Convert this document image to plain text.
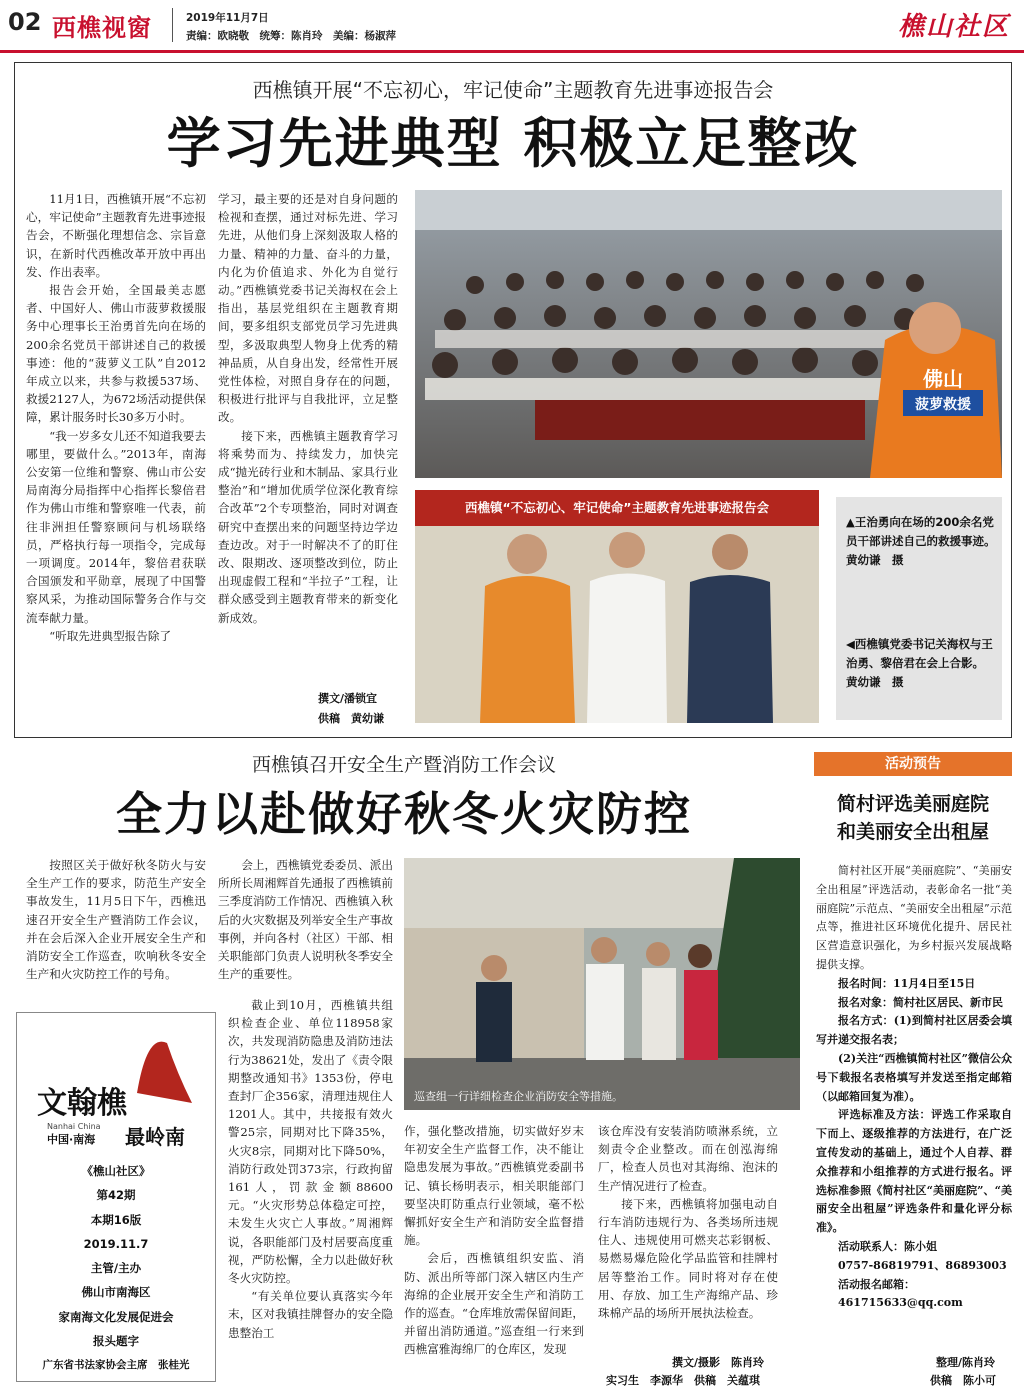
02 西樵视窗	2019年11月7日
责编：欧晓敬　统筹：陈肖玲　美编：杨淑萍	樵山社区
西樵镇开展“不忘初心，牢记使命”主题教育先进事迹报告会
学习先进典型 积极立足整改

11月1日，西樵镇开展“不忘初心，牢记使命”主题教育先进事迹报告会，不断强化理想信念、宗旨意识，在新时代西樵改革开放中再出发、作出表率。

报告会开始，全国最美志愿者、中国好人、佛山市菠萝救援服务中心理事长王治勇首先向在场的200余名党员干部讲述自己的救援事迹：他的“菠萝义工队”自2012年成立以来，共参与救援537场、救援2127人，为672场活动提供保障，累计服务时长30多万小时。

“我一岁多女儿还不知道我要去哪里，要做什么。”2013年，南海公安第一位维和警察、佛山市公安局南海分局指挥中心指挥长黎倍君作为佛山市维和警察唯一代表，前往非洲担任警察顾问与机场联络员，严格执行每一项指令，完成每一项调度。2014年，黎倍君获联合国颁发和平勋章，展现了中国警察风采，为推动国际警务合作与交流奉献力量。

“听取先进典型报告除了

学习，最主要的还是对自身问题的检视和查摆，通过对标先进、学习先进，从他们身上深刻汲取人格的力量、精神的力量、奋斗的力量，内化为价值追求、外化为自觉行动。”西樵镇党委书记关海权在会上指出，基层党组织在主题教育期间，要多组织支部党员学习先进典型，多汲取典型人物身上优秀的精神品质，从自身出发，经常性开展党性体检，对照自身存在的问题，积极进行批评与自我批评，立足整改。

接下来，西樵镇主题教育学习将乘势而为、持续发力，加快完成“抛光砖行业和木制品、家具行业整治”和“增加优质学位深化教育综合改革”2个专项整治，同时对调查研究中查摆出来的问题坚持边学边查边改。对于一时解决不了的盯住改、限期改、逐项整改到位，防止出现虚假工程和“半拉子”工程，让群众感受到主题教育带来的新变化新成效。

撰文/潘锁宜
供稿　黄幼谦
佛山
菠萝救援
西樵镇“不忘初心、牢记使命”主题教育先进事迹报告会
▲王治勇向在场的200余名党员干部讲述自己的救援事迹。　黄幼谦　摄
◀西樵镇党委书记关海权与王治勇、黎倍君在会上合影。　黄幼谦　摄
西樵镇召开安全生产暨消防工作会议
全力以赴做好秋冬火灾防控

按照区关于做好秋冬防火与安全生产工作的要求，防范生产安全事故发生，11月5日下午，西樵迅速召开安全生产暨消防工作会议，并在会后深入企业开展安全生产和消防安全工作巡查，吹响秋冬安全生产和火灾防控工作的号角。

会上，西樵镇党委委员、派出所所长周湘辉首先通报了西樵镇前三季度消防工作情况、西樵镇入秋后的火灾数据及列举安全生产事故事例，并向各村（社区）干部、相关职能部门负责人说明秋冬季安全生产的重要性。

文翰樵
Nanhai China
中国·南海 最岭南
《樵山社区》
第42期
本期16版
2019.11.7
主管/主办
佛山市南海区
家南海文化发展促进会
报头题字
广东省书法家协会主席　张桂光

截止到10月，西樵镇共组织检查企业、单位118958家次，共发现消防隐患及消防违法行为38621处，发出了《责令限期整改通知书》1353份，停电查封厂企356家，清理违规住人1201人。其中，共接报有效火警25宗，同期对比下降35%，火灾8宗，同期对比下降50%，消防行政处罚373宗，行政拘留161人，罚款金额88600元。“火灾形势总体稳定可控，未发生火灾亡人事故。”周湘辉说，各职能部门及村居要高度重视，严防松懈，全力以赴做好秋冬火灾防控。

“有关单位要认真落实今年末，区对我镇挂牌督办的安全隐患整治工

巡查组一行详细检查企业消防安全等措施。

作，强化整改措施，切实做好岁末年初安全生产监督工作，决不能让隐患发展为事故。”西樵镇党委副书记、镇长杨明表示，相关职能部门要坚决盯防重点行业领域，毫不松懈抓好安全生产和消防安全监督措施。

会后，西樵镇组织安监、消防、派出所等部门深入辖区内生产海绵的企业展开安全生产和消防工作的巡查。“仓库堆放需保留间距，并留出消防通道。”巡查组一行来到西樵富雅海绵厂的仓库区，发现

该仓库没有安装消防喷淋系统，立刻责令企业整改。而在创泓海绵厂，检查人员也对其海绵、泡沫的生产情况进行了检查。

接下来，西樵镇将加强电动自行车消防违规行为、各类场所违规住人、违规使用可燃夹芯彩钢板、易燃易爆危险化学品监管和挂牌村居等整治工作。同时将对存在使用、存放、加工生产海绵产品、珍珠棉产品的场所开展执法检查。

撰文/摄影　陈肖玲
实习生　李源华　供稿　关蕴琪
活动预告
简村评选美丽庭院
和美丽安全出租屋

简村社区开展“美丽庭院”、“美丽安全出租屋”评选活动，表彰命名一批“美丽庭院”示范点、“美丽安全出租屋”示范点等，推进社区环境优化提升、居民社区营造意识强化，为乡村振兴发展战略提供支撑。

报名时间：11月4日至15日

报名对象：简村社区居民、新市民

报名方式：(1)到简村社区居委会填写并递交报名表；

(2)关注“西樵镇简村社区”微信公众号下载报名表格填写并发送至指定邮箱（以邮箱回复为准）。

评选标准及方法：评选工作采取自下而上、逐级推荐的方法进行，在广泛宣传发动的基础上，通过个人自荐、群众推荐和小组推荐的方式进行报名。评选标准参照《简村社区“美丽庭院”、“美丽安全出租屋”评选条件和量化评分标准》。

活动联系人：陈小姐

0757-86819791、86893003

活动报名邮箱：

461715633@qq.com

整理/陈肖玲
供稿　陈小可
